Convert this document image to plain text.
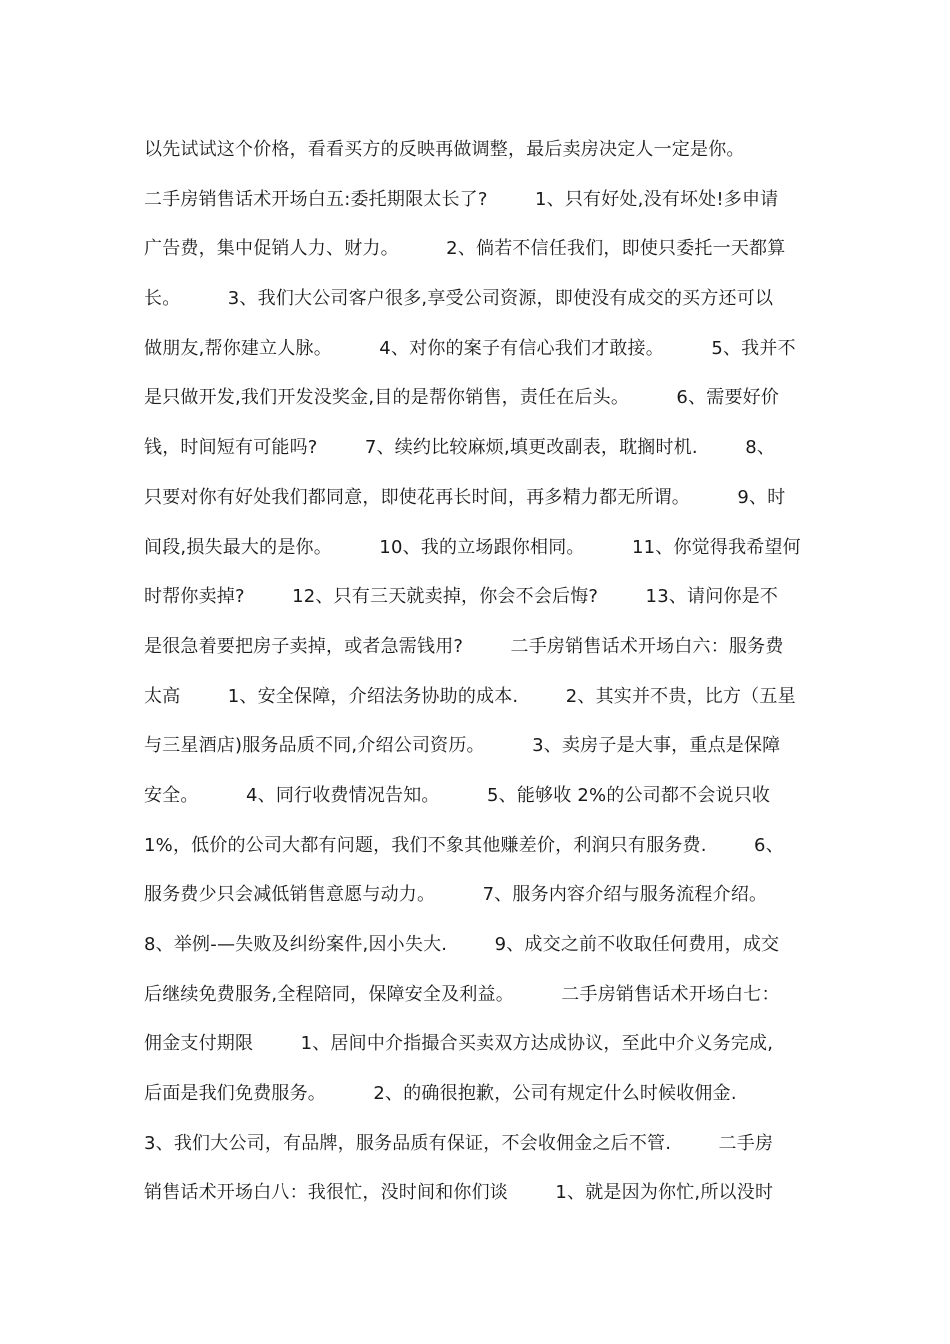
以先试试这个价格，看看买方的反映再做调整，最后卖房决定人一定是你。
二手房销售话术开场白五:委托期限太长了?        1、只有好处,没有坏处!多申请
广告费，集中促销人力、财力。        2、倘若不信任我们，即使只委托一天都算
长。        3、我们大公司客户很多,享受公司资源，即使没有成交的买方还可以
做朋友,帮你建立人脉。        4、对你的案子有信心我们才敢接。        5、我并不
是只做开发,我们开发没奖金,目的是帮你销售，责任在后头。        6、需要好价
钱，时间短有可能吗?        7、续约比较麻烦,填更改副表，耽搁时机.        8、
只要对你有好处我们都同意，即使花再长时间，再多精力都无所谓。        9、时
间段,损失最大的是你。        10、我的立场跟你相同。        11、你觉得我希望何
时帮你卖掉?        12、只有三天就卖掉，你会不会后悔?        13、请问你是不
是很急着要把房子卖掉，或者急需钱用?        二手房销售话术开场白六：服务费
太高        1、安全保障，介绍法务协助的成本.        2、其实并不贵，比方（五星
与三星酒店)服务品质不同,介绍公司资历。        3、卖房子是大事，重点是保障
安全。        4、同行收费情况告知。        5、能够收 2%的公司都不会说只收
1%，低价的公司大都有问题，我们不象其他赚差价，利润只有服务费.        6、
服务费少只会减低销售意愿与动力。        7、服务内容介绍与服务流程介绍。
8、举例-—失败及纠纷案件,因小失大.        9、成交之前不收取任何费用，成交
后继续免费服务,全程陪同，保障安全及利益。        二手房销售话术开场白七：
佣金支付期限        1、居间中介指撮合买卖双方达成协议，至此中介义务完成,
后面是我们免费服务。        2、的确很抱歉，公司有规定什么时候收佣金.
3、我们大公司，有品牌，服务品质有保证，不会收佣金之后不管.        二手房
销售话术开场白八：我很忙，没时间和你们谈        1、就是因为你忙,所以没时
